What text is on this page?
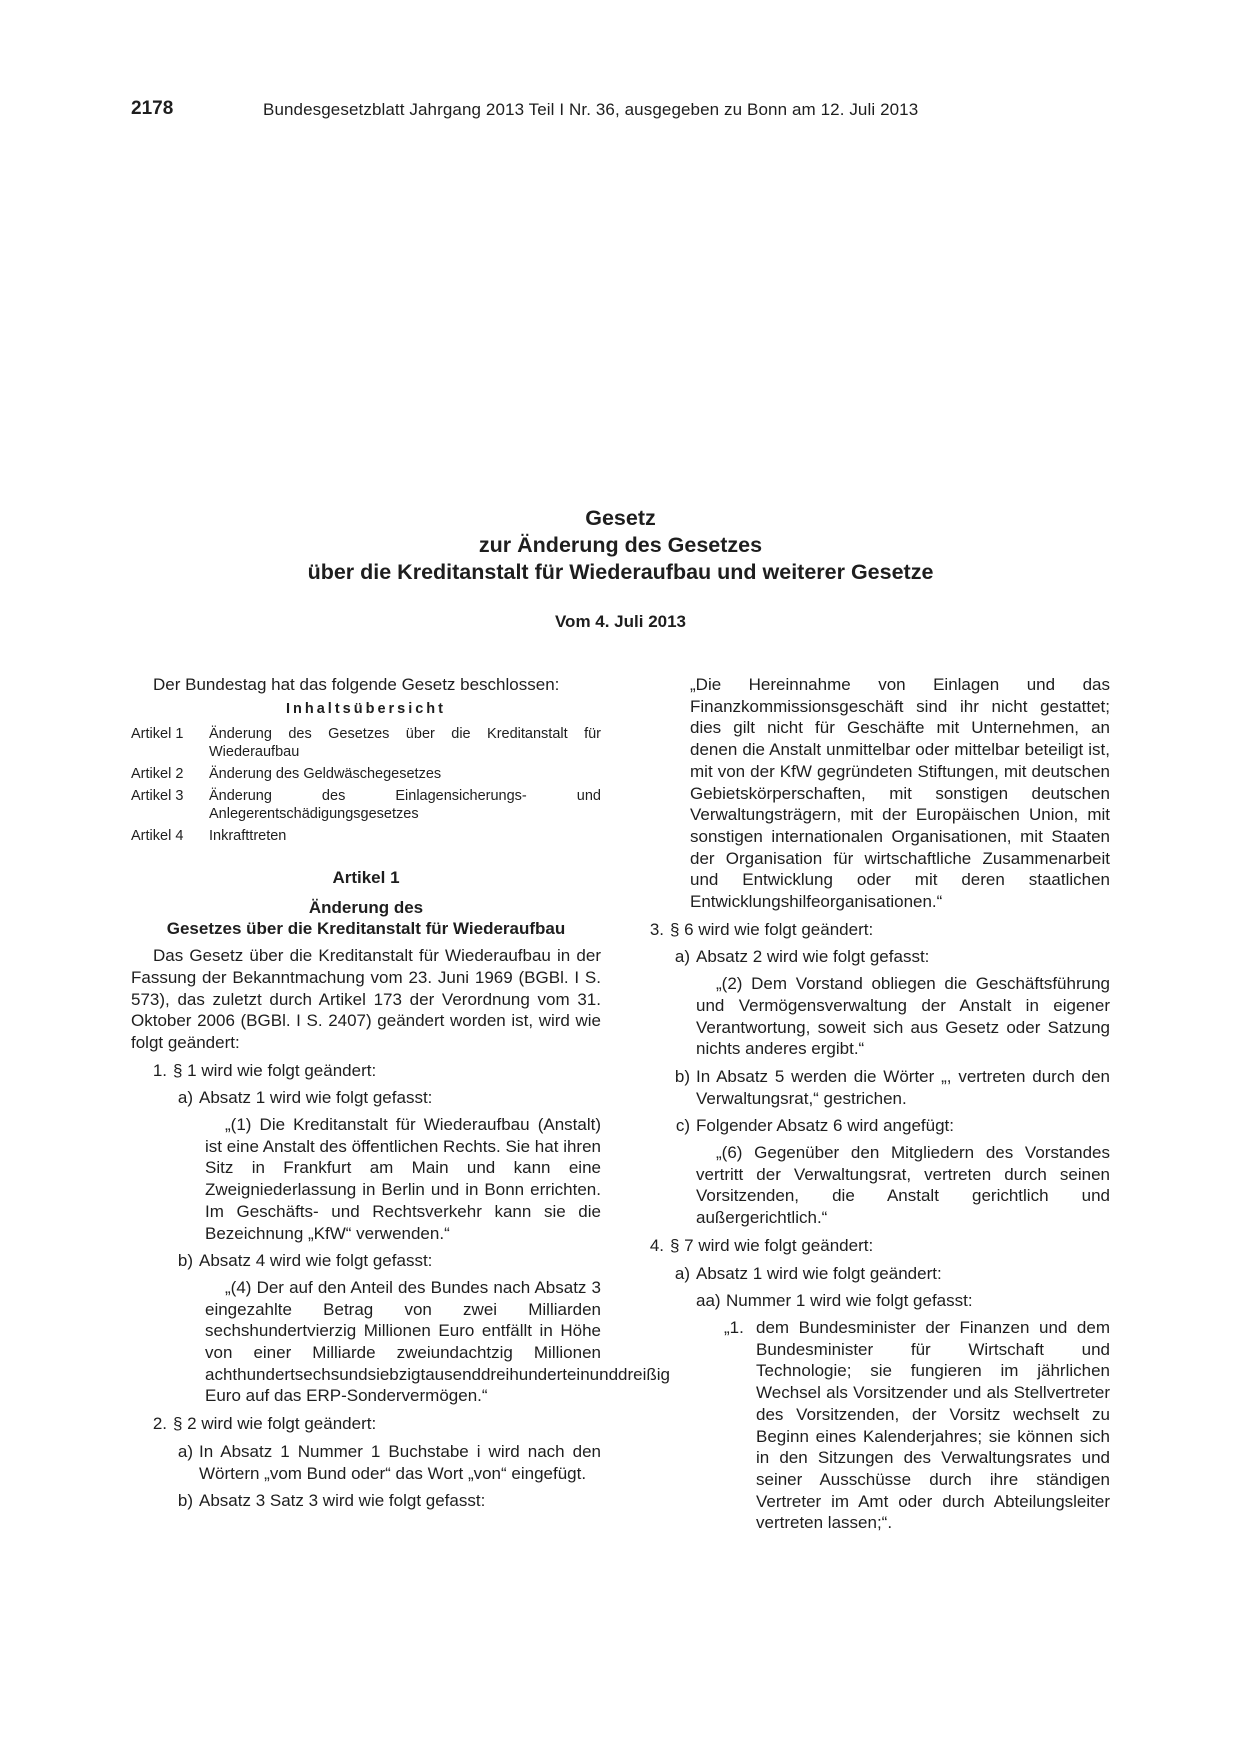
2178	Bundesgesetzblatt Jahrgang 2013 Teil I Nr. 36, ausgegeben zu Bonn am 12. Juli 2013
Gesetz
zur Änderung des Gesetzes
über die Kreditanstalt für Wiederaufbau und weiterer Gesetze
Vom 4. Juli 2013

Der Bundestag hat das folgende Gesetz beschlossen:

Inhaltsübersicht
Artikel 1	Änderung des Gesetzes über die Kreditanstalt für Wiederaufbau
Artikel 2	Änderung des Geldwäschegesetzes
Artikel 3	Änderung des Einlagensicherungs- und Anlegerentschädigungsgesetzes
Artikel 4	Inkrafttreten
Artikel 1
Änderung des
Gesetzes über die Kreditanstalt für Wiederaufbau

Das Gesetz über die Kreditanstalt für Wiederaufbau in der Fassung der Bekanntmachung vom 23. Juni 1969 (BGBl. I S. 573), das zuletzt durch Artikel 173 der Verordnung vom 31. Oktober 2006 (BGBl. I S. 2407) geändert worden ist, wird wie folgt geändert:

1. § 1 wird wie folgt geändert:
a) Absatz 1 wird wie folgt gefasst:

„(1) Die Kreditanstalt für Wiederaufbau (Anstalt) ist eine Anstalt des öffentlichen Rechts. Sie hat ihren Sitz in Frankfurt am Main und kann eine Zweigniederlassung in Berlin und in Bonn errichten. Im Geschäfts- und Rechtsverkehr kann sie die Bezeichnung „KfW“ verwenden.“

b) Absatz 4 wird wie folgt gefasst:

„(4) Der auf den Anteil des Bundes nach Absatz 3 eingezahlte Betrag von zwei Milliarden sechshundertvierzig Millionen Euro entfällt in Höhe von einer Milliarde zweiundachtzig Millionen achthundertsechsundsiebzigtausenddreihunderteinunddreißig Euro auf das ERP-Sondervermögen.“

2. § 2 wird wie folgt geändert:
a) In Absatz 1 Nummer 1 Buchstabe i wird nach den Wörtern „vom Bund oder“ das Wort „von“ eingefügt.
b) Absatz 3 Satz 3 wird wie folgt gefasst:

„Die Hereinnahme von Einlagen und das Finanzkommissionsgeschäft sind ihr nicht gestattet; dies gilt nicht für Geschäfte mit Unternehmen, an denen die Anstalt unmittelbar oder mittelbar beteiligt ist, mit von der KfW gegründeten Stiftungen, mit deutschen Gebietskörperschaften, mit sonstigen deutschen Verwaltungsträgern, mit der Europäischen Union, mit sonstigen internationalen Organisationen, mit Staaten der Organisation für wirtschaftliche Zusammenarbeit und Entwicklung oder mit deren staatlichen Entwicklungshilfeorganisationen.“

3. § 6 wird wie folgt geändert:
a) Absatz 2 wird wie folgt gefasst:

„(2) Dem Vorstand obliegen die Geschäftsführung und Vermögensverwaltung der Anstalt in eigener Verantwortung, soweit sich aus Gesetz oder Satzung nichts anderes ergibt.“

b) In Absatz 5 werden die Wörter „, vertreten durch den Verwaltungsrat,“ gestrichen.
c) Folgender Absatz 6 wird angefügt:

„(6) Gegenüber den Mitgliedern des Vorstandes vertritt der Verwaltungsrat, vertreten durch seinen Vorsitzenden, die Anstalt gerichtlich und außergerichtlich.“

4. § 7 wird wie folgt geändert:
a) Absatz 1 wird wie folgt geändert:
aa) Nummer 1 wird wie folgt gefasst:
„1. dem Bundesminister der Finanzen und dem Bundesminister für Wirtschaft und Technologie; sie fungieren im jährlichen Wechsel als Vorsitzender und als Stellvertreter des Vorsitzenden, der Vorsitz wechselt zu Beginn eines Kalenderjahres; sie können sich in den Sitzungen des Verwaltungsrates und seiner Ausschüsse durch ihre ständigen Vertreter im Amt oder durch Abteilungsleiter vertreten lassen;“.
